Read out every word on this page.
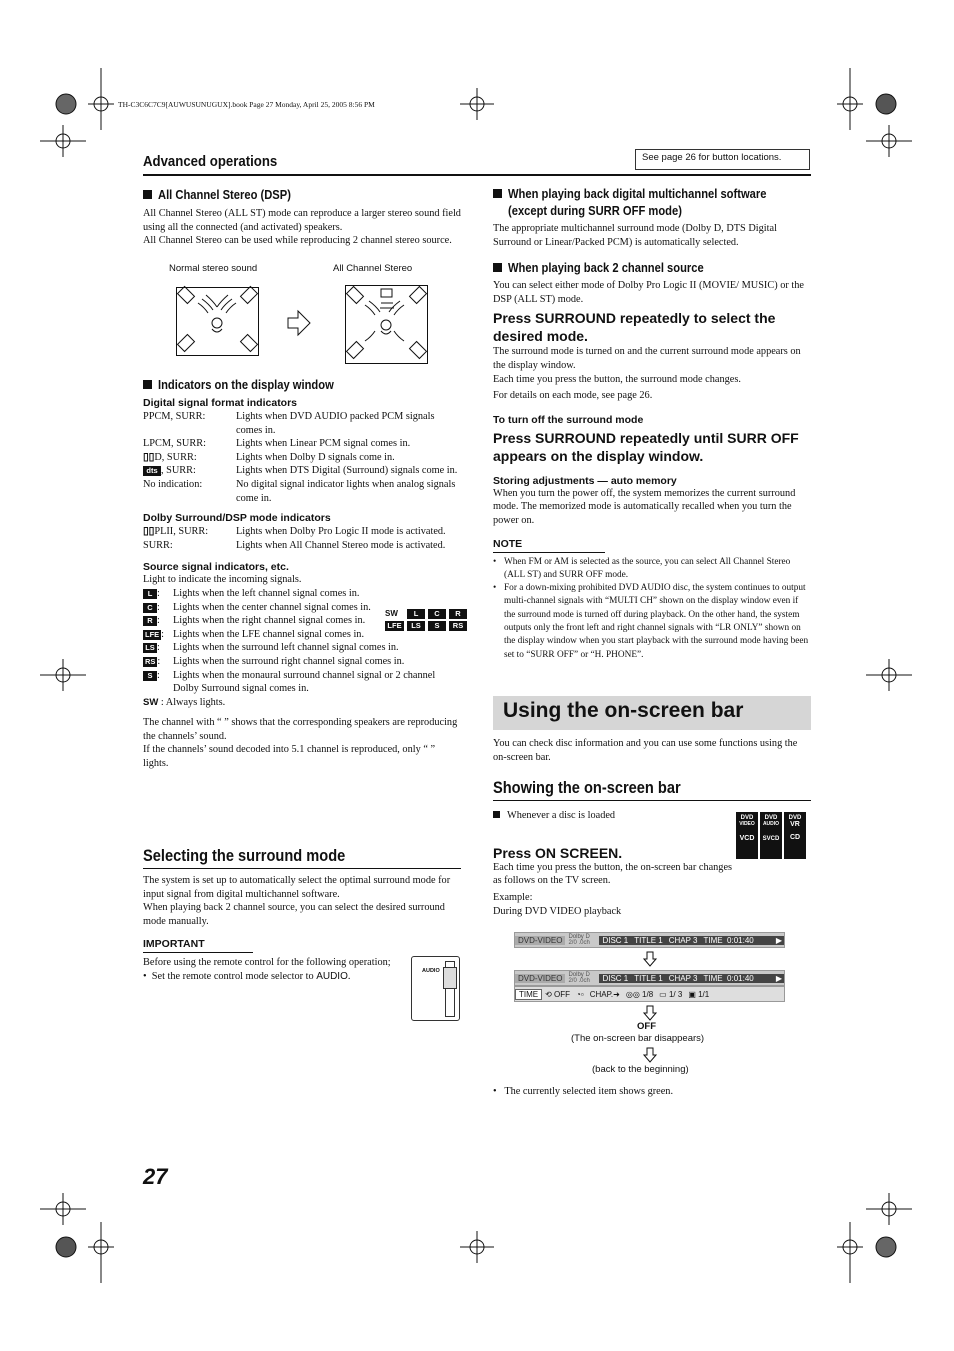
TH-C3C6C7C9[AUWUSUNUGUX].book Page 27 Monday, April 25, 2005 8:56 PM
Advanced operations	See page 26 for button locations.
All Channel Stereo (DSP)
All Channel Stereo (ALL ST) mode can reproduce a larger stereo sound field using all the connected (and activated) speakers.
All Channel Stereo can be used while reproducing 2 channel stereo source.
Normal stereo sound	All Channel Stereo
Indicators on the display window
Digital signal format indicators
PPCM, SURR:	Lights when DVD AUDIO packed PCM signals comes in.
LPCM, SURR:	Lights when Linear PCM signal comes in.
▯▯D, SURR:	Lights when Dolby D signals come in.
dts , SURR:	Lights when DTS Digital (Surround) signals come in.
No indication:	No digital signal indicator lights when analog signals come in.
Dolby Surround/DSP mode indicators
▯▯PLII, SURR:	Lights when Dolby Pro Logic II mode is activated.
SURR:	Lights when All Channel Stereo mode is activated.
Source signal indicators, etc.
Light to indicate the incoming signals.
L :	Lights when the left channel signal comes in.
C :	Lights when the center channel signal comes in.
R :	Lights when the right channel signal comes in.
LFE : Lights when the LFE channel signal comes in.
LS :	Lights when the surround left channel signal comes in.
RS :	Lights when the surround right channel signal comes in.
S :	Lights when the monaural surround channel signal or 2 channel Dolby Surround signal comes in.
SW : Always lights.
The channel with “ ” shows that the corresponding speakers are reproducing the channels’ sound.
If the channels’ sound decoded into 5.1 channel is reproduced, only “ ” lights.
SW	L	C	R
LFE	LS	S	RS
Selecting the surround mode
The system is set up to automatically select the optimal surround mode for input signal from digital multichannel software.
When playing back 2 channel source, you can select the desired surround mode manually.
IMPORTANT
Before using the remote control for the following operation;
•  Set the remote control mode selector to AUDIO.	AUDIO
When playing back digital multichannel software (except during SURR OFF mode)
The appropriate multichannel surround mode (Dolby D, DTS Digital Surround or Linear/Packed PCM) is automatically selected.
When playing back 2 channel source
You can select either mode of Dolby Pro Logic II (MOVIE/ MUSIC) or the DSP (ALL ST) mode.
Press SURROUND repeatedly to select the desired mode.
The surround mode is turned on and the current surround mode appears on the display window.
Each time you press the button, the surround mode changes.
For details on each mode, see page 26.
To turn off the surround mode
Press SURROUND repeatedly until SURR OFF appears on the display window.
Storing adjustments — auto memory
When you turn the power off, the system memorizes the current surround mode. The memorized mode is automatically recalled when you turn the power on.
NOTE
• When FM or AM is selected as the source, you can select All Channel Stereo (ALL ST) and SURR OFF mode.
• For a down-mixing prohibited DVD AUDIO disc, the system continues to output multi-channel signals with “MULTI CH” shown on the display window even if the surround mode is turned off during playback. On the other hand, the system outputs only the front left and right channel signals with “LR ONLY” shown on the display window when you start playback with the surround mode having been set to “SURR OFF” or “H. PHONE”.
Using the on-screen bar
You can check disc information and you can use some functions using the on-screen bar.
Showing the on-screen bar
Whenever a disc is loaded
Press ON SCREEN.
Each time you press the button, the on-screen bar changes as follows on the TV screen.
Example:
During DVD VIDEO playback
DVD
VIDEO
VCD
DVD
AUDIO
SVCD
DVD
VR
CD
DVD-VIDEO	Dolby D
2/0 .0ch	DISC 1 TITLE 1 CHAP 3 TIME 0:01:40	▶
DVD-VIDEO	Dolby D
2/0 .0ch	DISC 1 TITLE 1 CHAP 3 TIME 0:01:40	▶
TIME ⟲ OFF ◔▫ CHAP.➜ ◎◎ 1/8 ▭ 1/ 3 ▣ 1/1
OFF
(The on-screen bar disappears)
(back to the beginning)
•   The currently selected item shows green.
27
